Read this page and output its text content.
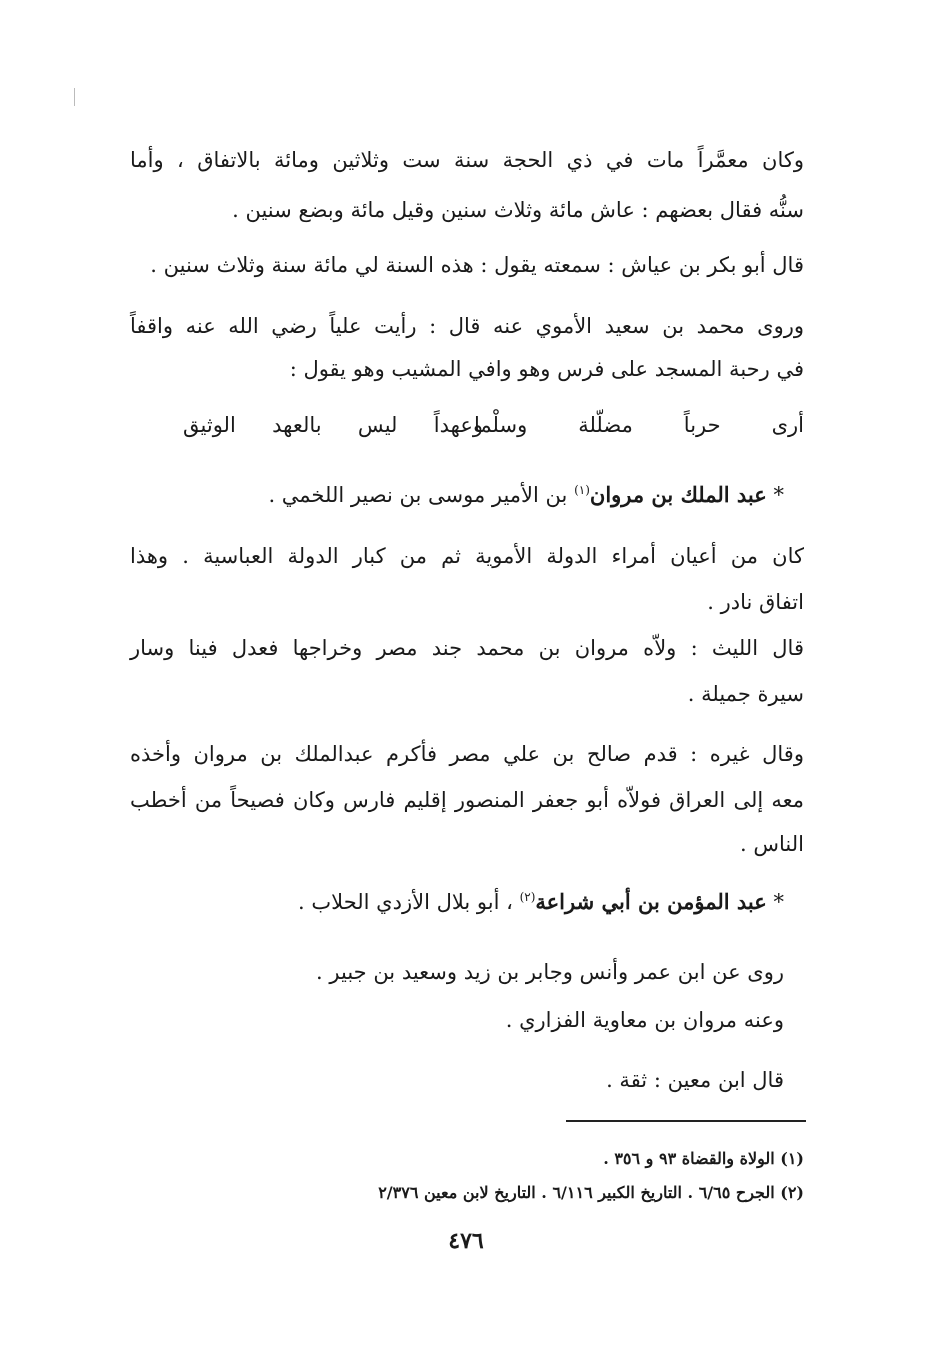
وكان معمَّراً مات في ذي الحجة سنة ست وثلاثين ومائة بالاتفاق ، وأما
سنُّه فقال بعضهم : عاش مائة وثلاث سنين وقيل مائة وبضع سنين .
قال أبو بكر بن عياش : سمعته يقول : هذه السنة لي مائة سنة وثلاث سنين .
وروى محمد بن سعيد الأموي عنه قال : رأيت علياً رضي الله عنه واقفاً
في رحبة المسجد على فرس وهو وافي المشيب وهو يقول :
أرى حرباً مضلّلة وسلْما
وعهداً ليس بالعهد الوثيق
* عبد الملك بن مروان$^{(١)}$ بن الأمير موسى بن نصير اللخمي .
كان من أعيان أمراء الدولة الأموية ثم من كبار الدولة العباسية . وهذا
اتفاق نادر .
قال الليث : ولاّه مروان بن محمد جند مصر وخراجها فعدل فينا وسار
سيرة جميلة .
وقال غيره : قدم صالح بن علي مصر فأكرم عبدالملك بن مروان وأخذه
معه إلى العراق فولاّه أبو جعفر المنصور إقليم فارس وكان فصيحاً من أخطب
الناس .
* عبد المؤمن بن أبي شراعة$^{(٢)}$ ، أبو بلال الأزدي الحلاب .
روى عن ابن عمر وأنس وجابر بن زيد وسعيد بن جبير .
وعنه مروان بن معاوية الفزاري .
قال ابن معين : ثقة .
(١) الولاة والقضاة ٩٣ و ٣٥٦ .
(٢) الجرح ٦/٦٥ . التاريخ الكبير ٦/١١٦ . التاريخ لابن معين ٢/٣٧٦
٤٧٦
